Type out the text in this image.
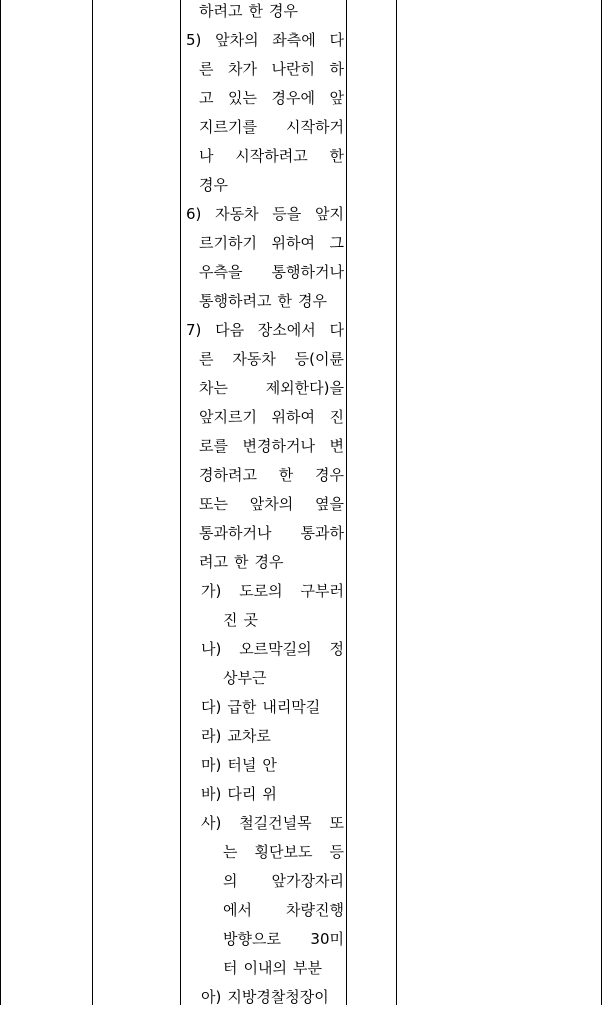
하려고 한 경우
5) 앞차의 좌측에 다
른 차가 나란히 하
고 있는 경우에 앞
지르기를 시작하거
나 시작하려고 한
경우
6) 자동차 등을 앞지
르기하기 위하여 그
우측을 통행하거나
통행하려고 한 경우
7) 다음 장소에서 다
른 자동차 등(이륜
차는	제외한다)을
앞지르기 위하여 진
로를 변경하거나 변
경하려고 한 경우
또는 앞차의 옆을
통과하거나 통과하
려고 한 경우
가) 도로의 구부러
진 곳
나) 오르막길의 정
상부근
다) 급한 내리막길
라) 교차로
마) 터널 안
바) 다리 위
사) 철길건널목 또
는 횡단보도 등
의 앞가장자리
에서 차량진행
방향으로 30미
터 이내의 부분
아) 지방경찰청장이
